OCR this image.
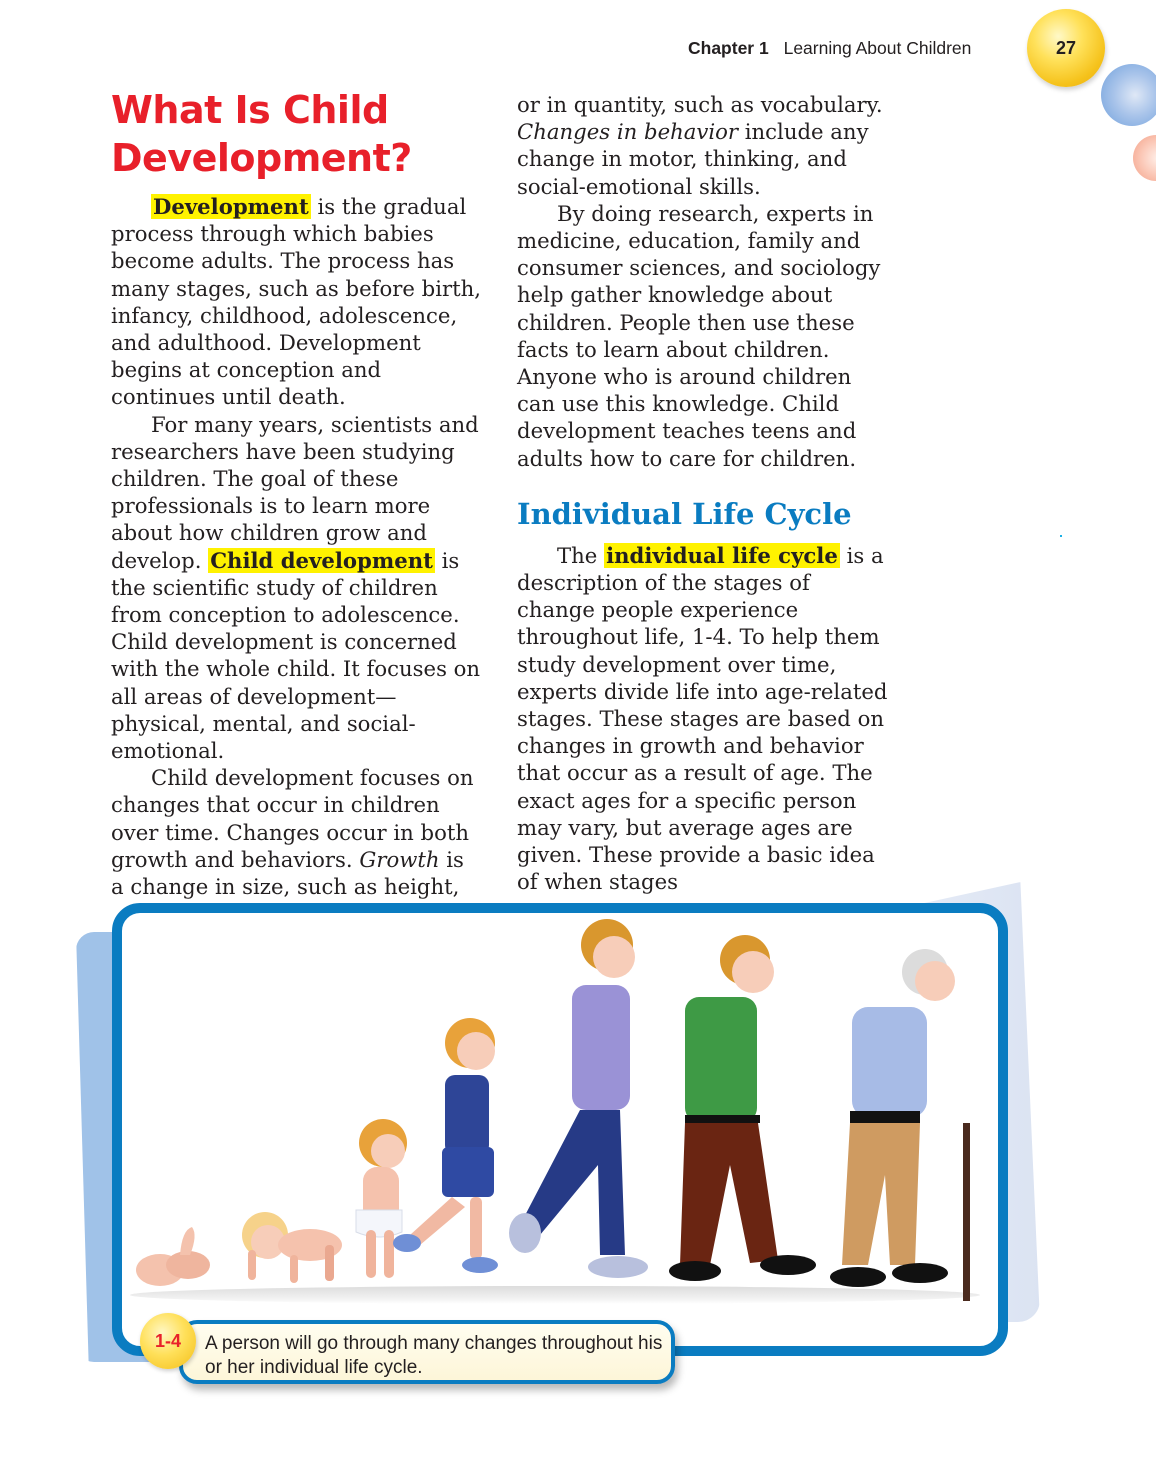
Chapter 1 Learning About Children	27
What Is Child Development?

Development is the gradual process through which babies become adults. The process has many stages, such as before birth, infancy, childhood, adolescence, and adulthood. Development begins at conception and continues until death.

For many years, scientists and researchers have been studying children. The goal of these professionals is to learn more about how children grow and develop. Child development is the scientific study of children from conception to adolescence. Child development is concerned with the whole child. It focuses on all areas of development—physical, mental, and social-emotional.

Child development focuses on changes that occur in children over time. Changes occur in both growth and behaviors. Growth is a change in size, such as height,

or in quantity, such as vocabulary. Changes in behavior include any change in motor, thinking, and social-emotional skills.

By doing research, experts in medicine, education, family and consumer sciences, and sociology help gather knowledge about children. People then use these facts to learn about children. Anyone who is around children can use this knowledge. Child development teaches teens and adults how to care for children.

Individual Life Cycle

The individual life cycle is a description of the stages of change people experience throughout life, 1-4. To help them study development over time, experts divide life into age-related stages. These stages are based on changes in growth and behavior that occur as a result of age. The exact ages for a specific person may vary, but average ages are given. These provide a basic idea of when stages

1-4	A person will go through many changes throughout his or her individual life cycle.
